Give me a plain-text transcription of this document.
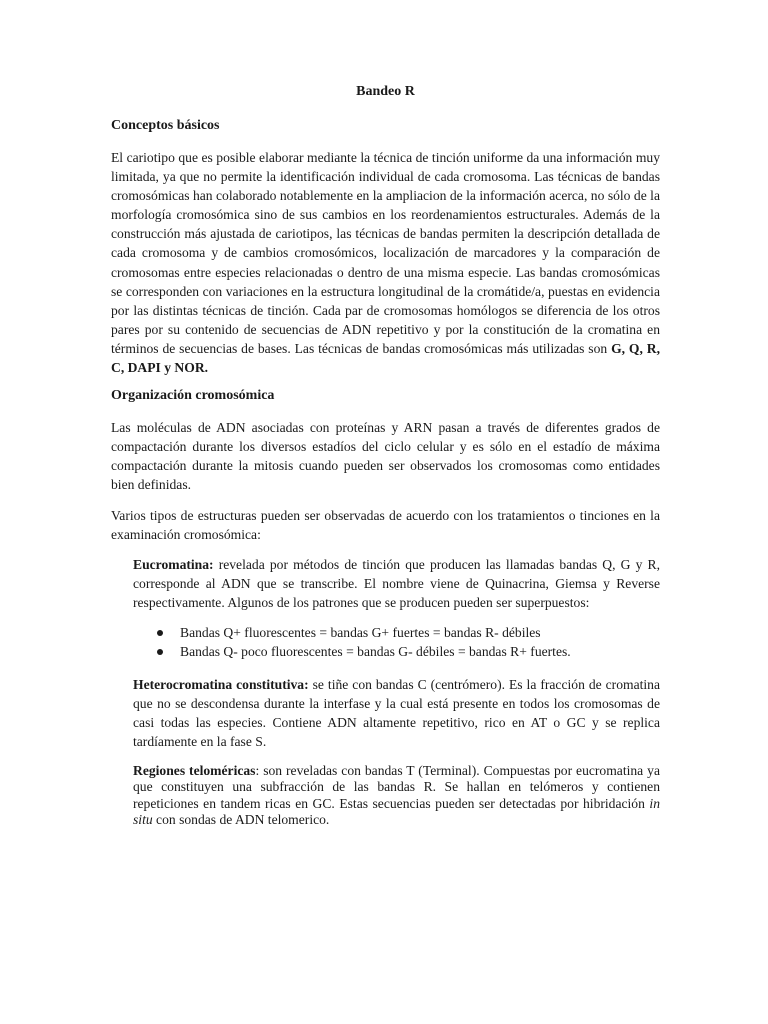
Bandeo R
Conceptos básicos

El cariotipo que es posible elaborar mediante la técnica de tinción uniforme da una información muy limitada, ya que no permite la identificación individual de cada cromosoma. Las técnicas de bandas cromosómicas han colaborado notablemente en la ampliacion de la información acerca, no sólo de la morfología cromosómica sino de sus cambios en los reordenamientos estructurales. Además de la construcción más ajustada de cariotipos, las técnicas de bandas permiten la descripción detallada de cada cromosoma y de cambios cromosómicos, localización de marcadores y la comparación de cromosomas entre especies relacionadas o dentro de una misma especie. Las bandas cromosómicas se corresponden con variaciones en la estructura longitudinal de la cromátide/a, puestas en evidencia por las distintas técnicas de tinción. Cada par de cromosomas homólogos se diferencia de los otros pares por su contenido de secuencias de ADN repetitivo y por la constitución de la cromatina en términos de secuencias de bases. Las técnicas de bandas cromosómicas más utilizadas son G, Q, R, C, DAPI y NOR.

Organización cromosómica

Las moléculas de ADN asociadas con proteínas y ARN pasan a través de diferentes grados de compactación durante los diversos estadíos del ciclo celular y es sólo en el estadío de máxima compactación durante la mitosis cuando pueden ser observados los cromosomas como entidades bien definidas.

Varios tipos de estructuras pueden ser observadas de acuerdo con los tratamientos o tinciones en la examinación cromosómica:

Eucromatina: revelada por métodos de tinción que producen las llamadas bandas Q, G y R, corresponde al ADN que se transcribe. El nombre viene de Quinacrina, Giemsa y Reverse respectivamente. Algunos de los patrones que se producen pueden ser superpuestos:

Bandas Q+ fluorescentes = bandas G+ fuertes = bandas R- débiles
Bandas Q- poco fluorescentes = bandas G- débiles = bandas R+ fuertes.

Heterocromatina constitutiva: se tiñe con bandas C (centrómero). Es la fracción de cromatina que no se descondensa durante la interfase y la cual está presente en todos los cromosomas de casi todas las especies. Contiene ADN altamente repetitivo, rico en AT o GC y se replica tardíamente en la fase S.

Regiones teloméricas: son reveladas con bandas T (Terminal). Compuestas por eucromatina ya que constituyen una subfracción de las bandas R. Se hallan en telómeros y contienen repeticiones en tandem ricas en GC. Estas secuencias pueden ser detectadas por hibridación in situ con sondas de ADN telomerico.
